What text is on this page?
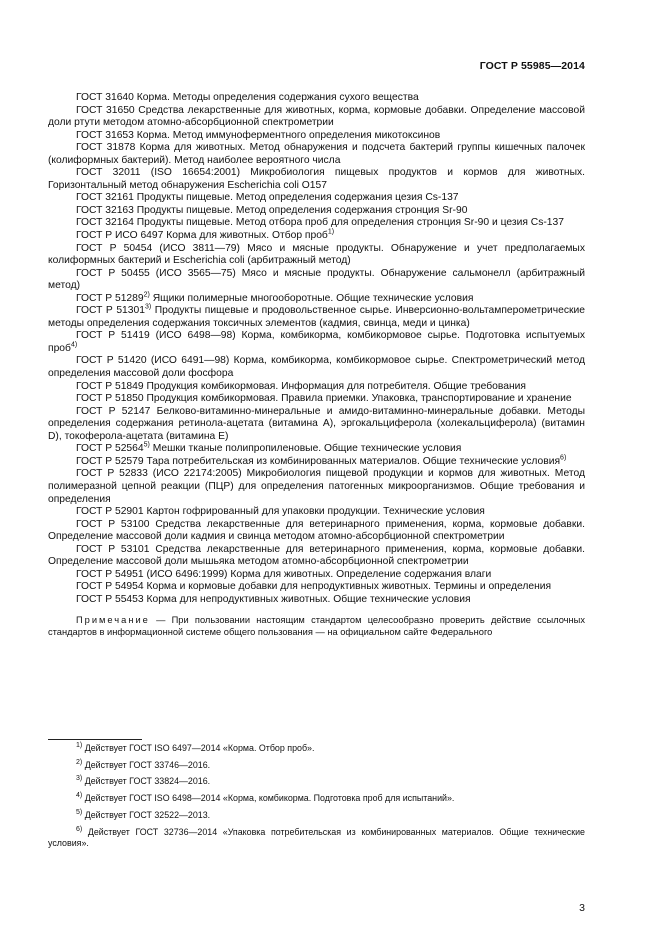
ГОСТ Р 55985—2014

ГОСТ 31640 Корма. Методы определения содержания сухого вещества

ГОСТ 31650 Средства лекарственные для животных, корма, кормовые добавки. Определение массовой доли ртути методом атомно-абсорбционной спектрометрии

ГОСТ 31653 Корма. Метод иммуноферментного определения микотоксинов

ГОСТ 31878 Корма для животных. Метод обнаружения и подсчета бактерий группы кишечных палочек (колиформных бактерий). Метод наиболее вероятного числа

ГОСТ 32011 (ISO 16654:2001) Микробиология пищевых продуктов и кормов для животных. Горизонтальный метод обнаружения Escherichia coli O157

ГОСТ 32161 Продукты пищевые. Метод определения содержания цезия Cs-137

ГОСТ 32163 Продукты пищевые. Метод определения содержания стронция Sr-90

ГОСТ 32164 Продукты пищевые. Метод отбора проб для определения стронция Sr-90 и цезия Cs-137

ГОСТ Р ИСО 6497 Корма для животных. Отбор проб$^{1)}$

ГОСТ Р 50454 (ИСО 3811—79) Мясо и мясные продукты. Обнаружение и учет предполагаемых колиформных бактерий и Escherichia coli (арбитражный метод)

ГОСТ Р 50455 (ИСО 3565—75) Мясо и мясные продукты. Обнаружение сальмонелл (арбитражный метод)

ГОСТ Р 51289$^{2)}$ Ящики полимерные многооборотные. Общие технические условия

ГОСТ Р 51301$^{3)}$ Продукты пищевые и продовольственное сырье. Инверсионно-вольтамперометрические методы определения содержания токсичных элементов (кадмия, свинца, меди и цинка)

ГОСТ Р 51419 (ИСО 6498—98) Корма, комбикорма, комбикормовое сырье. Подготовка испытуемых проб$^{4)}$

ГОСТ Р 51420 (ИСО 6491—98) Корма, комбикорма, комбикормовое сырье. Спектрометрический метод определения массовой доли фосфора

ГОСТ Р 51849 Продукция комбикормовая. Информация для потребителя. Общие требования

ГОСТ Р 51850 Продукция комбикормовая. Правила приемки. Упаковка, транспортирование и хранение

ГОСТ Р 52147 Белково-витаминно-минеральные и амидо-витаминно-минеральные добавки. Методы определения содержания ретинола-ацетата (витамина А), эргокальциферола (холекальциферола) (витамин D), токоферола-ацетата (витамина Е)

ГОСТ Р 52564$^{5)}$ Мешки тканые полипропиленовые. Общие технические условия

ГОСТ Р 52579 Тара потребительская из комбинированных материалов. Общие технические условия$^{6)}$

ГОСТ Р 52833 (ИСО 22174:2005) Микробиология пищевой продукции и кормов для животных. Метод полимеразной цепной реакции (ПЦР) для определения патогенных микроорганизмов. Общие требования и определения

ГОСТ Р 52901 Картон гофрированный для упаковки продукции. Технические условия

ГОСТ Р 53100 Средства лекарственные для ветеринарного применения, корма, кормовые добавки. Определение массовой доли кадмия и свинца методом атомно-абсорбционной спектрометрии

ГОСТ Р 53101 Средства лекарственные для ветеринарного применения, корма, кормовые добавки. Определение массовой доли мышьяка методом атомно-абсорбционной спектрометрии

ГОСТ Р 54951 (ИСО 6496:1999) Корма для животных. Определение содержания влаги

ГОСТ Р 54954 Корма и кормовые добавки для непродуктивных животных. Термины и определения

ГОСТ Р 55453 Корма для непродуктивных животных. Общие технические условия

Примечание — При пользовании настоящим стандартом целесообразно проверить действие ссылочных стандартов в информационной системе общего пользования — на официальном сайте Федерального

$^{1)}$ Действует ГОСТ ISO 6497—2014 «Корма. Отбор проб».

$^{2)}$ Действует ГОСТ 33746—2016.

$^{3)}$ Действует ГОСТ 33824—2016.

$^{4)}$ Действует ГОСТ ISO 6498—2014 «Корма, комбикорма. Подготовка проб для испытаний».

$^{5)}$ Действует ГОСТ 32522—2013.

$^{6)}$ Действует ГОСТ 32736—2014 «Упаковка потребительская из комбинированных материалов. Общие технические условия».

3
